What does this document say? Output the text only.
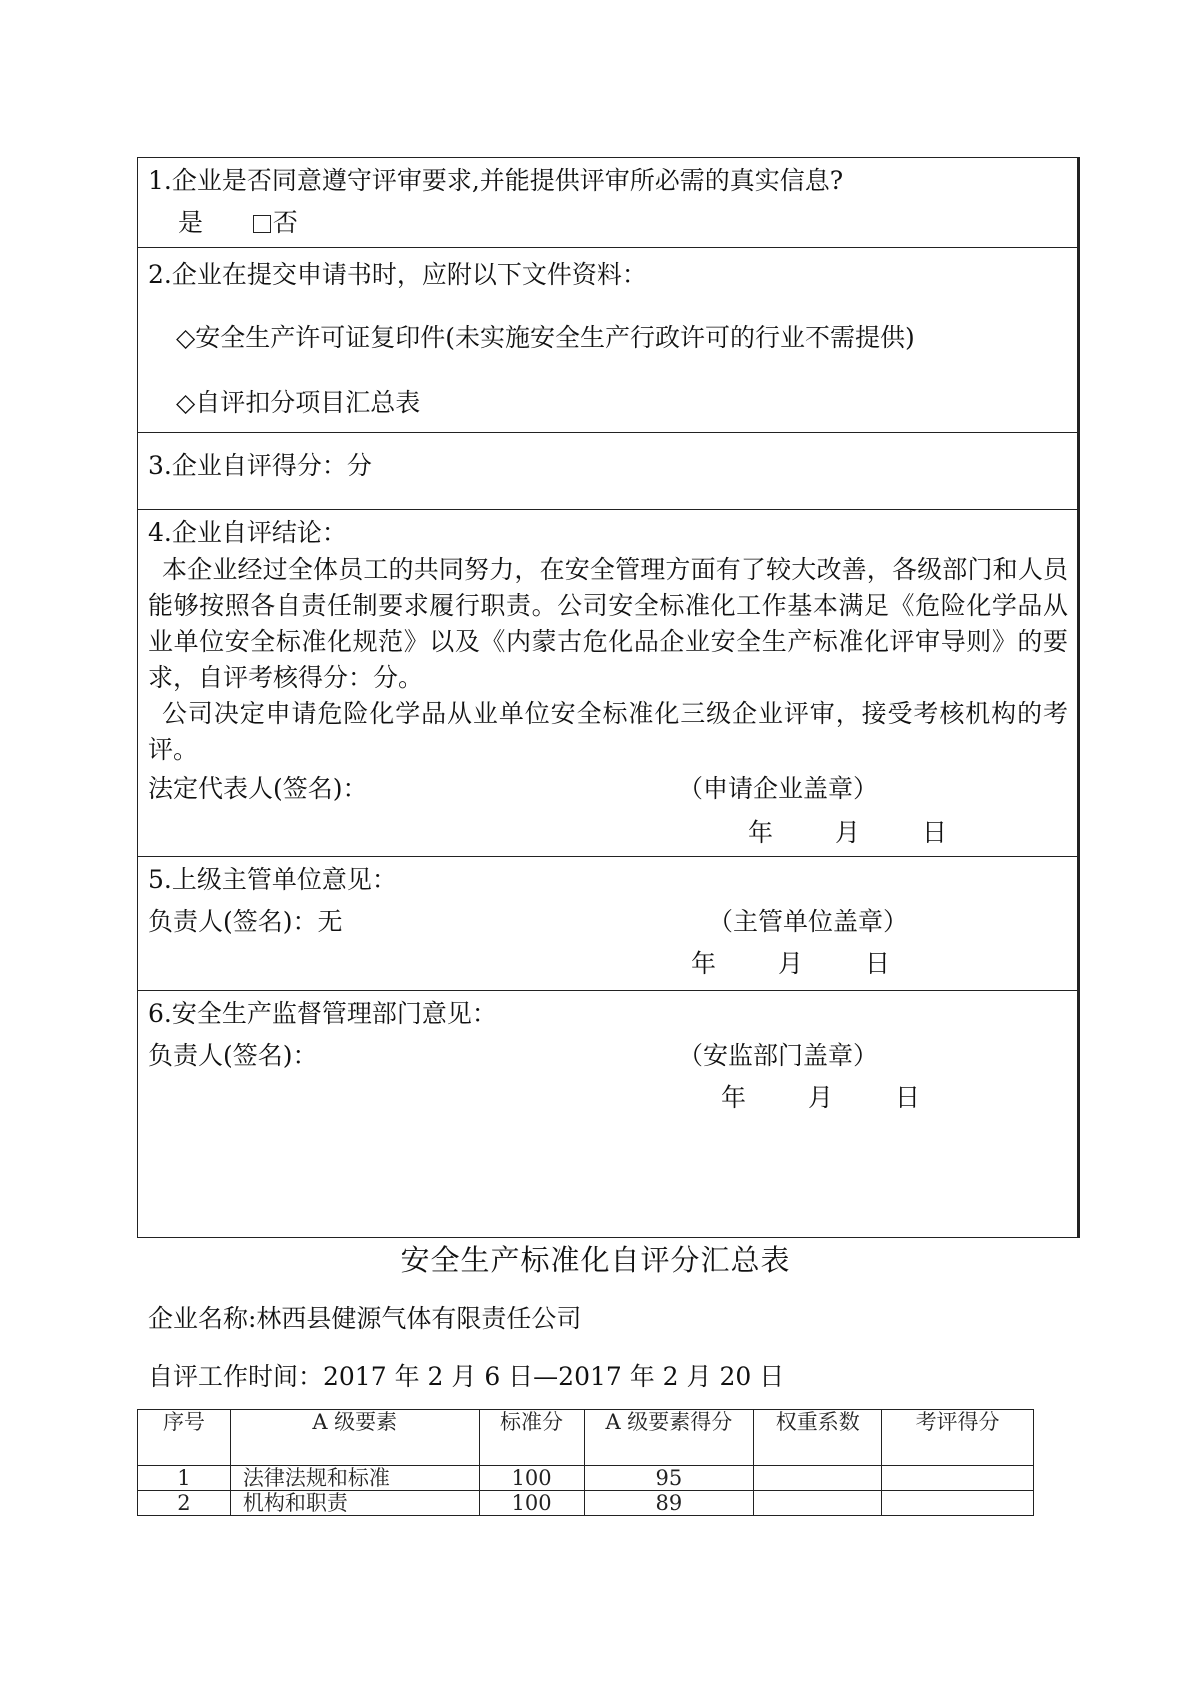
1.企业是否同意遵守评审要求,并能提供评审所必需的真实信息?
是	否
2.企业在提交申请书时，应附以下文件资料：
◇安全生产许可证复印件(未实施安全生产行政许可的行业不需提供)
◇自评扣分项目汇总表
3.企业自评得分：分
4.企业自评结论：
本企业经过全体员工的共同努力，在安全管理方面有了较大改善，各级部门和人员能够按照各自责任制要求履行职责。公司安全标准化工作基本满足《危险化学品从业单位安全标准化规范》以及《内蒙古危化品企业安全生产标准化评审导则》的要求，自评考核得分：分。
公司决定申请危险化学品从业单位安全标准化三级企业评审，接受考核机构的考评。
法定代表人(签名)：	（申请企业盖章）
年 月 日
5.上级主管单位意见：
负责人(签名)：无	（主管单位盖章）
年 月 日
6.安全生产监督管理部门意见：
负责人(签名)：	（安监部门盖章）
年 月 日
安全生产标准化自评分汇总表
企业名称:林西县健源气体有限责任公司
自评工作时间：2017 年 2 月 6 日—2017 年 2 月 20 日
序号	A 级要素	标准分	A 级要素得分	权重系数	考评得分
1	法律法规和标准	100	95		
2	机构和职责	100	89		
